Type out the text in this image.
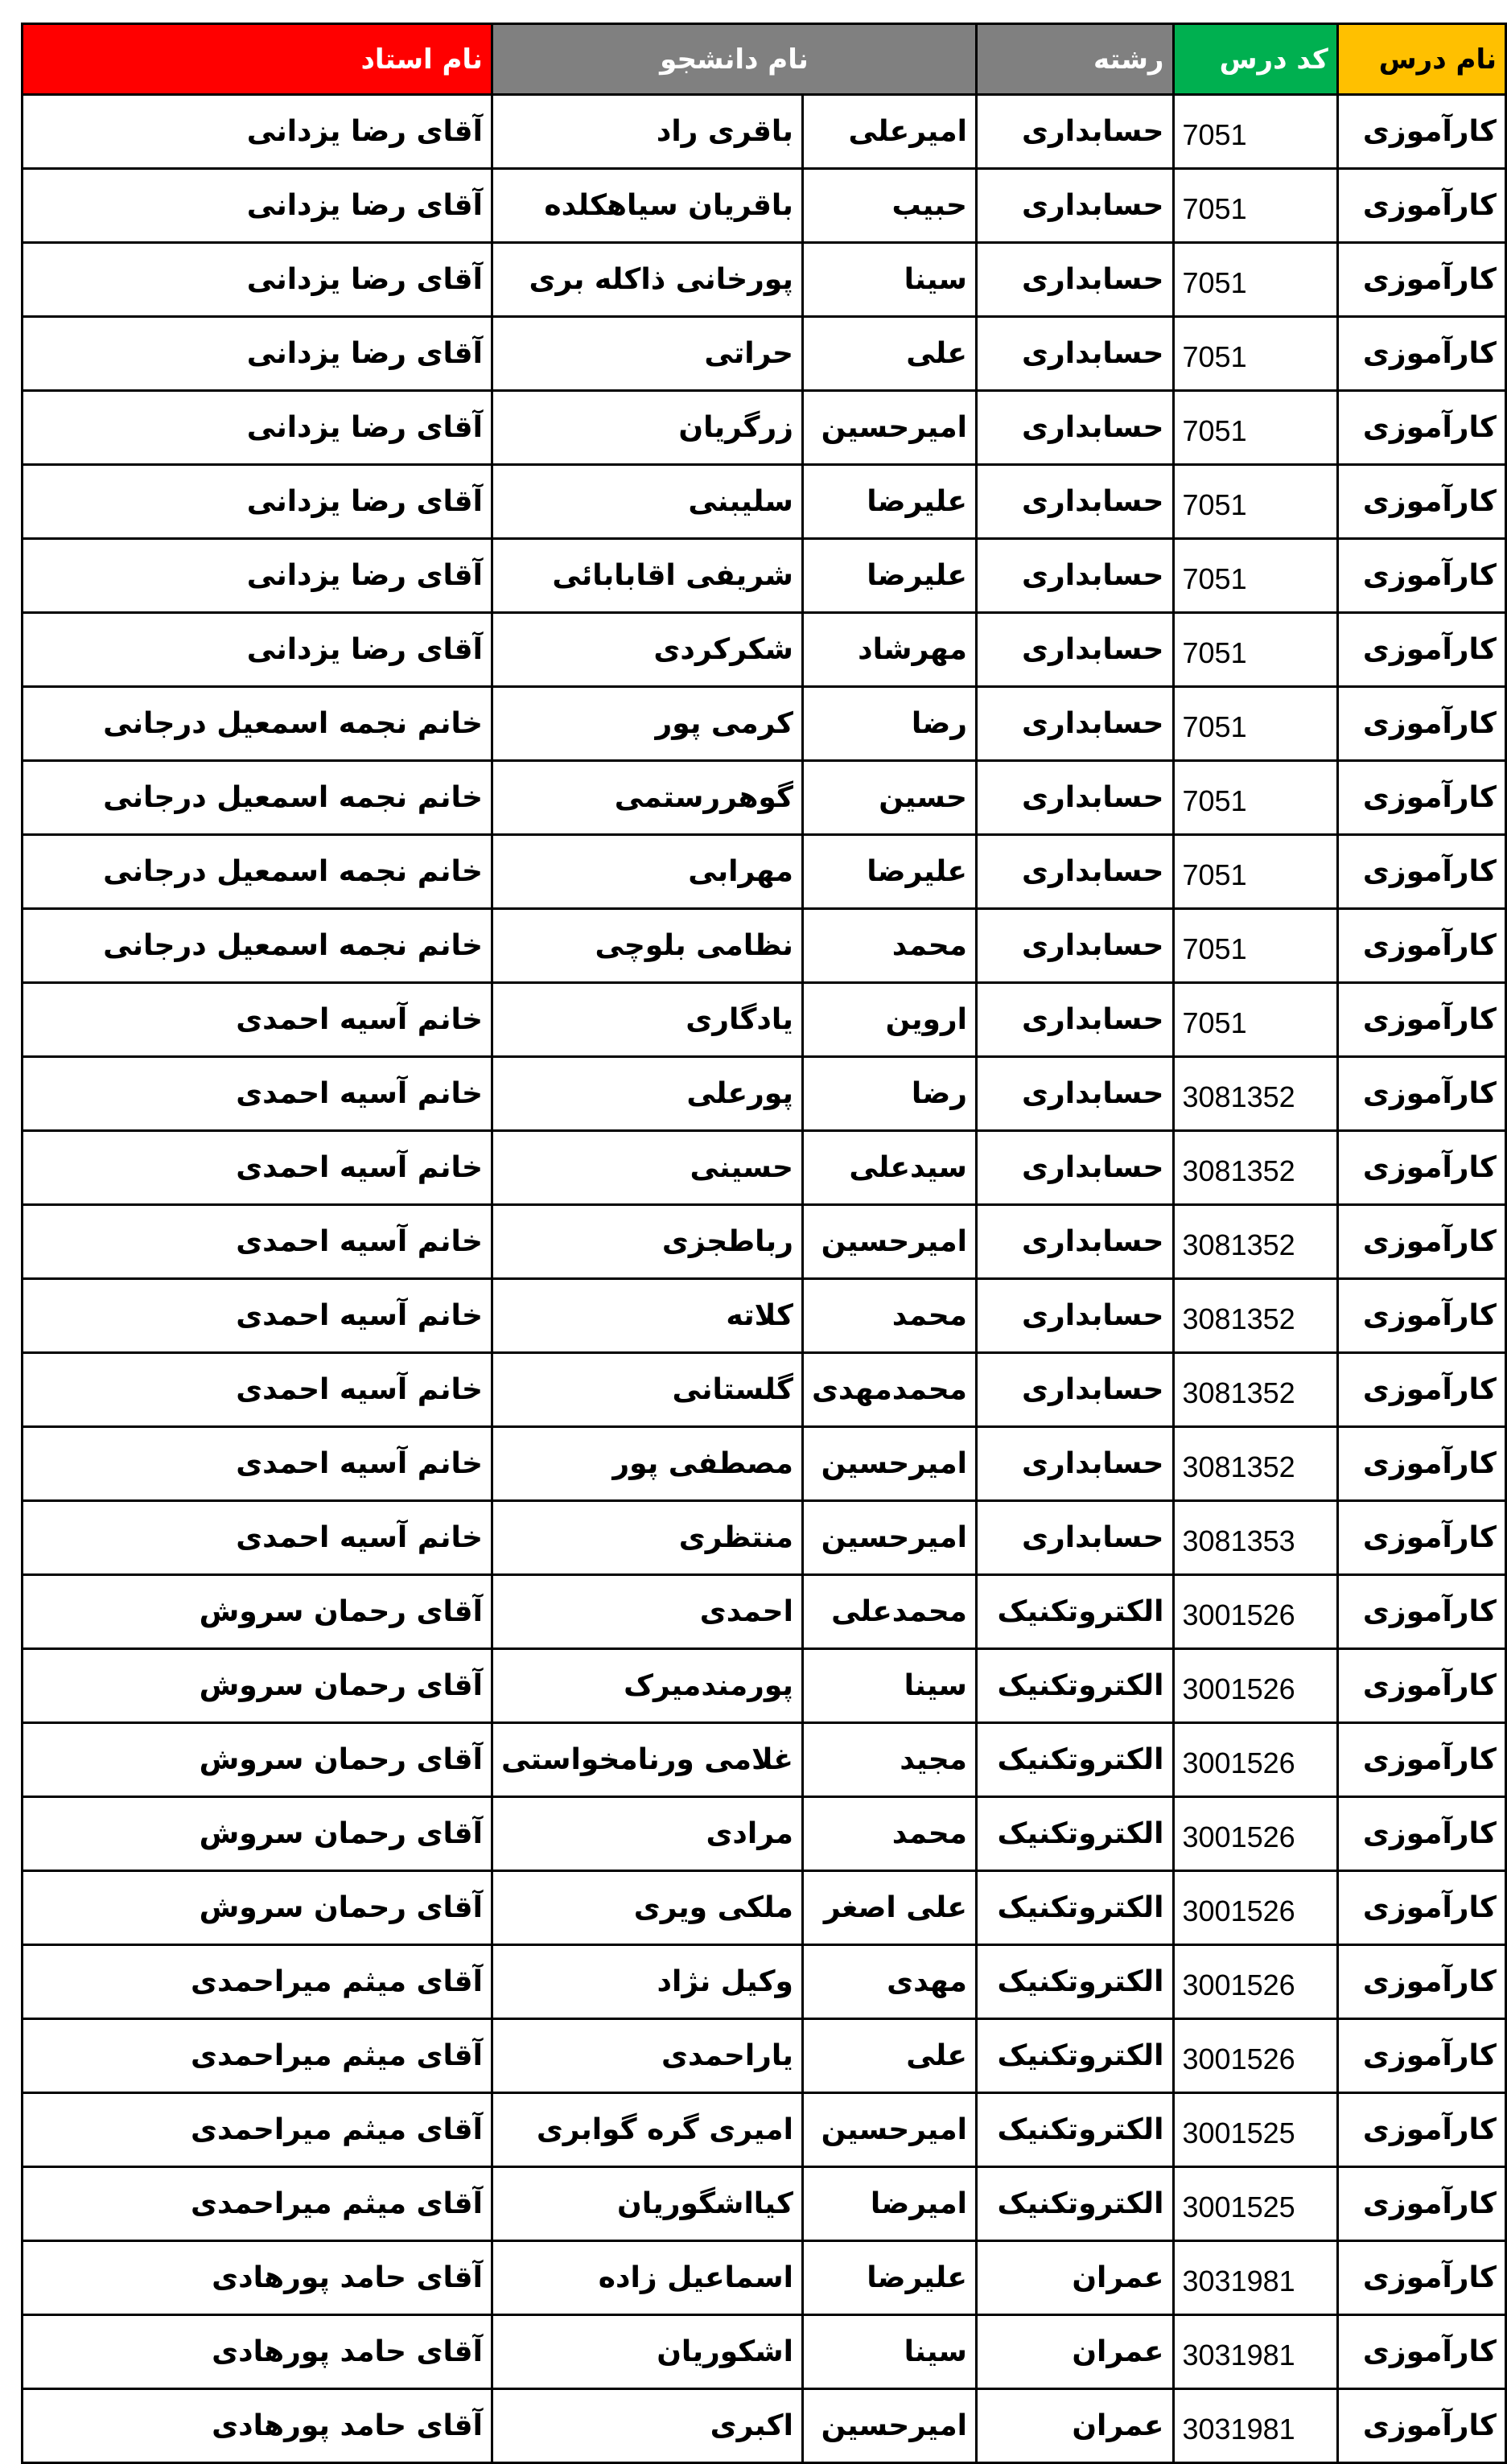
نام درس	کد درس	رشته	نام دانشجو		نام استاد
کارآموزی	7051	حسابداری	امیرعلی	باقری راد	آقای رضا یزدانی
کارآموزی	7051	حسابداری	حبیب	باقریان سیاهکلده	آقای رضا یزدانی
کارآموزی	7051	حسابداری	سینا	پورخانی ذاکله بری	آقای رضا یزدانی
کارآموزی	7051	حسابداری	علی	حراتی	آقای رضا یزدانی
کارآموزی	7051	حسابداری	امیرحسین	زرگریان	آقای رضا یزدانی
کارآموزی	7051	حسابداری	علیرضا	سلیبنی	آقای رضا یزدانی
کارآموزی	7051	حسابداری	علیرضا	شریفی اقابابائی	آقای رضا یزدانی
کارآموزی	7051	حسابداری	مهرشاد	شکرکردی	آقای رضا یزدانی
کارآموزی	7051	حسابداری	رضا	کرمی پور	خانم نجمه اسمعیل درجانی
کارآموزی	7051	حسابداری	حسین	گوهررستمی	خانم نجمه اسمعیل درجانی
کارآموزی	7051	حسابداری	علیرضا	مهرابی	خانم نجمه اسمعیل درجانی
کارآموزی	7051	حسابداری	محمد	نظامی بلوچی	خانم نجمه اسمعیل درجانی
کارآموزی	7051	حسابداری	اروین	یادگاری	خانم آسیه احمدی
کارآموزی	3081352	حسابداری	رضا	پورعلی	خانم آسیه احمدی
کارآموزی	3081352	حسابداری	سیدعلی	حسینی	خانم آسیه احمدی
کارآموزی	3081352	حسابداری	امیرحسین	رباطجزی	خانم آسیه احمدی
کارآموزی	3081352	حسابداری	محمد	کلاته	خانم آسیه احمدی
کارآموزی	3081352	حسابداری	محمدمهدی	گلستانی	خانم آسیه احمدی
کارآموزی	3081352	حسابداری	امیرحسین	مصطفی پور	خانم آسیه احمدی
کارآموزی	3081353	حسابداری	امیرحسین	منتظری	خانم آسیه احمدی
کارآموزی	3001526	الکتروتکنیک	محمدعلی	احمدی	آقای رحمان سروش
کارآموزی	3001526	الکتروتکنیک	سینا	پورمندمیرک	آقای رحمان سروش
کارآموزی	3001526	الکتروتکنیک	مجید	غلامی ورنامخواستی	آقای رحمان سروش
کارآموزی	3001526	الکتروتکنیک	محمد	مرادی	آقای رحمان سروش
کارآموزی	3001526	الکتروتکنیک	علی اصغر	ملکی ویری	آقای رحمان سروش
کارآموزی	3001526	الکتروتکنیک	مهدی	وکیل نژاد	آقای میثم میراحمدی
کارآموزی	3001526	الکتروتکنیک	علی	یاراحمدی	آقای میثم میراحمدی
کارآموزی	3001525	الکتروتکنیک	امیرحسین	امیری گره گوابری	آقای میثم میراحمدی
کارآموزی	3001525	الکتروتکنیک	امیرضا	کیااشگوریان	آقای میثم میراحمدی
کارآموزی	3031981	عمران	علیرضا	اسماعیل زاده	آقای حامد پورهادی
کارآموزی	3031981	عمران	سینا	اشکوریان	آقای حامد پورهادی
کارآموزی	3031981	عمران	امیرحسین	اکبری	آقای حامد پورهادی
